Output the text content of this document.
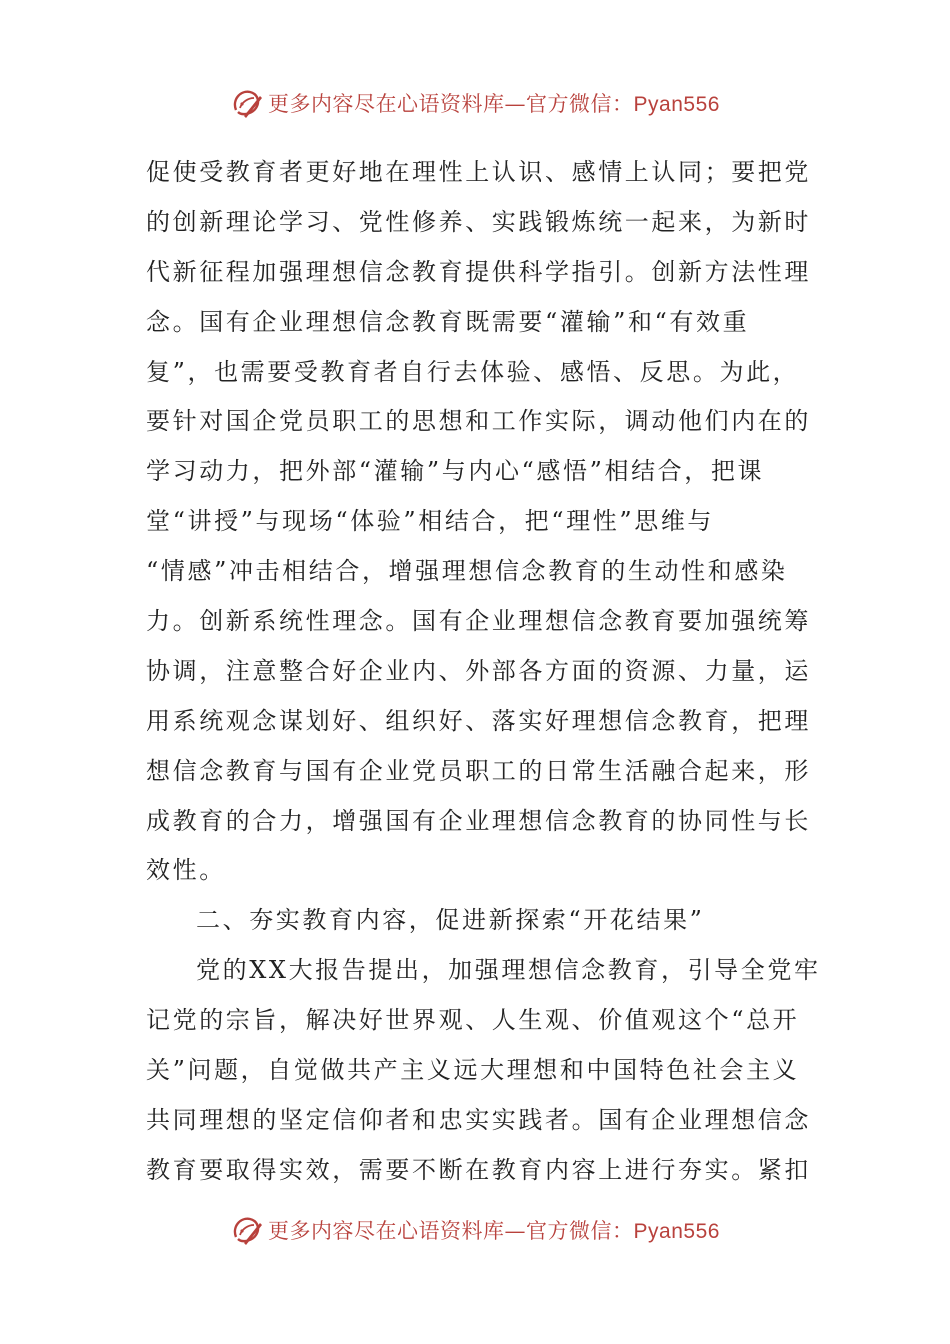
更多内容尽在心语资料库—官方微信：Pyan556
促使受教育者更好地在理性上认识、感情上认同；要把党
的创新理论学习、党性修养、实践锻炼统一起来，为新时
代新征程加强理想信念教育提供科学指引。创新方法性理
念。国有企业理想信念教育既需要“灌输”和“有效重
复”，也需要受教育者自行去体验、感悟、反思。为此，
要针对国企党员职工的思想和工作实际，调动他们内在的
学习动力，把外部“灌输”与内心“感悟”相结合，把课
堂“讲授”与现场“体验”相结合，把“理性”思维与
“情感”冲击相结合，增强理想信念教育的生动性和感染
力。创新系统性理念。国有企业理想信念教育要加强统筹
协调，注意整合好企业内、外部各方面的资源、力量，运
用系统观念谋划好、组织好、落实好理想信念教育，把理
想信念教育与国有企业党员职工的日常生活融合起来，形
成教育的合力，增强国有企业理想信念教育的协同性与长
效性。
二、夯实教育内容，促进新探索“开花结果”
党的XX大报告提出，加强理想信念教育，引导全党牢
记党的宗旨，解决好世界观、人生观、价值观这个“总开
关”问题，自觉做共产主义远大理想和中国特色社会主义
共同理想的坚定信仰者和忠实实践者。国有企业理想信念
教育要取得实效，需要不断在教育内容上进行夯实。紧扣
更多内容尽在心语资料库—官方微信：Pyan556
